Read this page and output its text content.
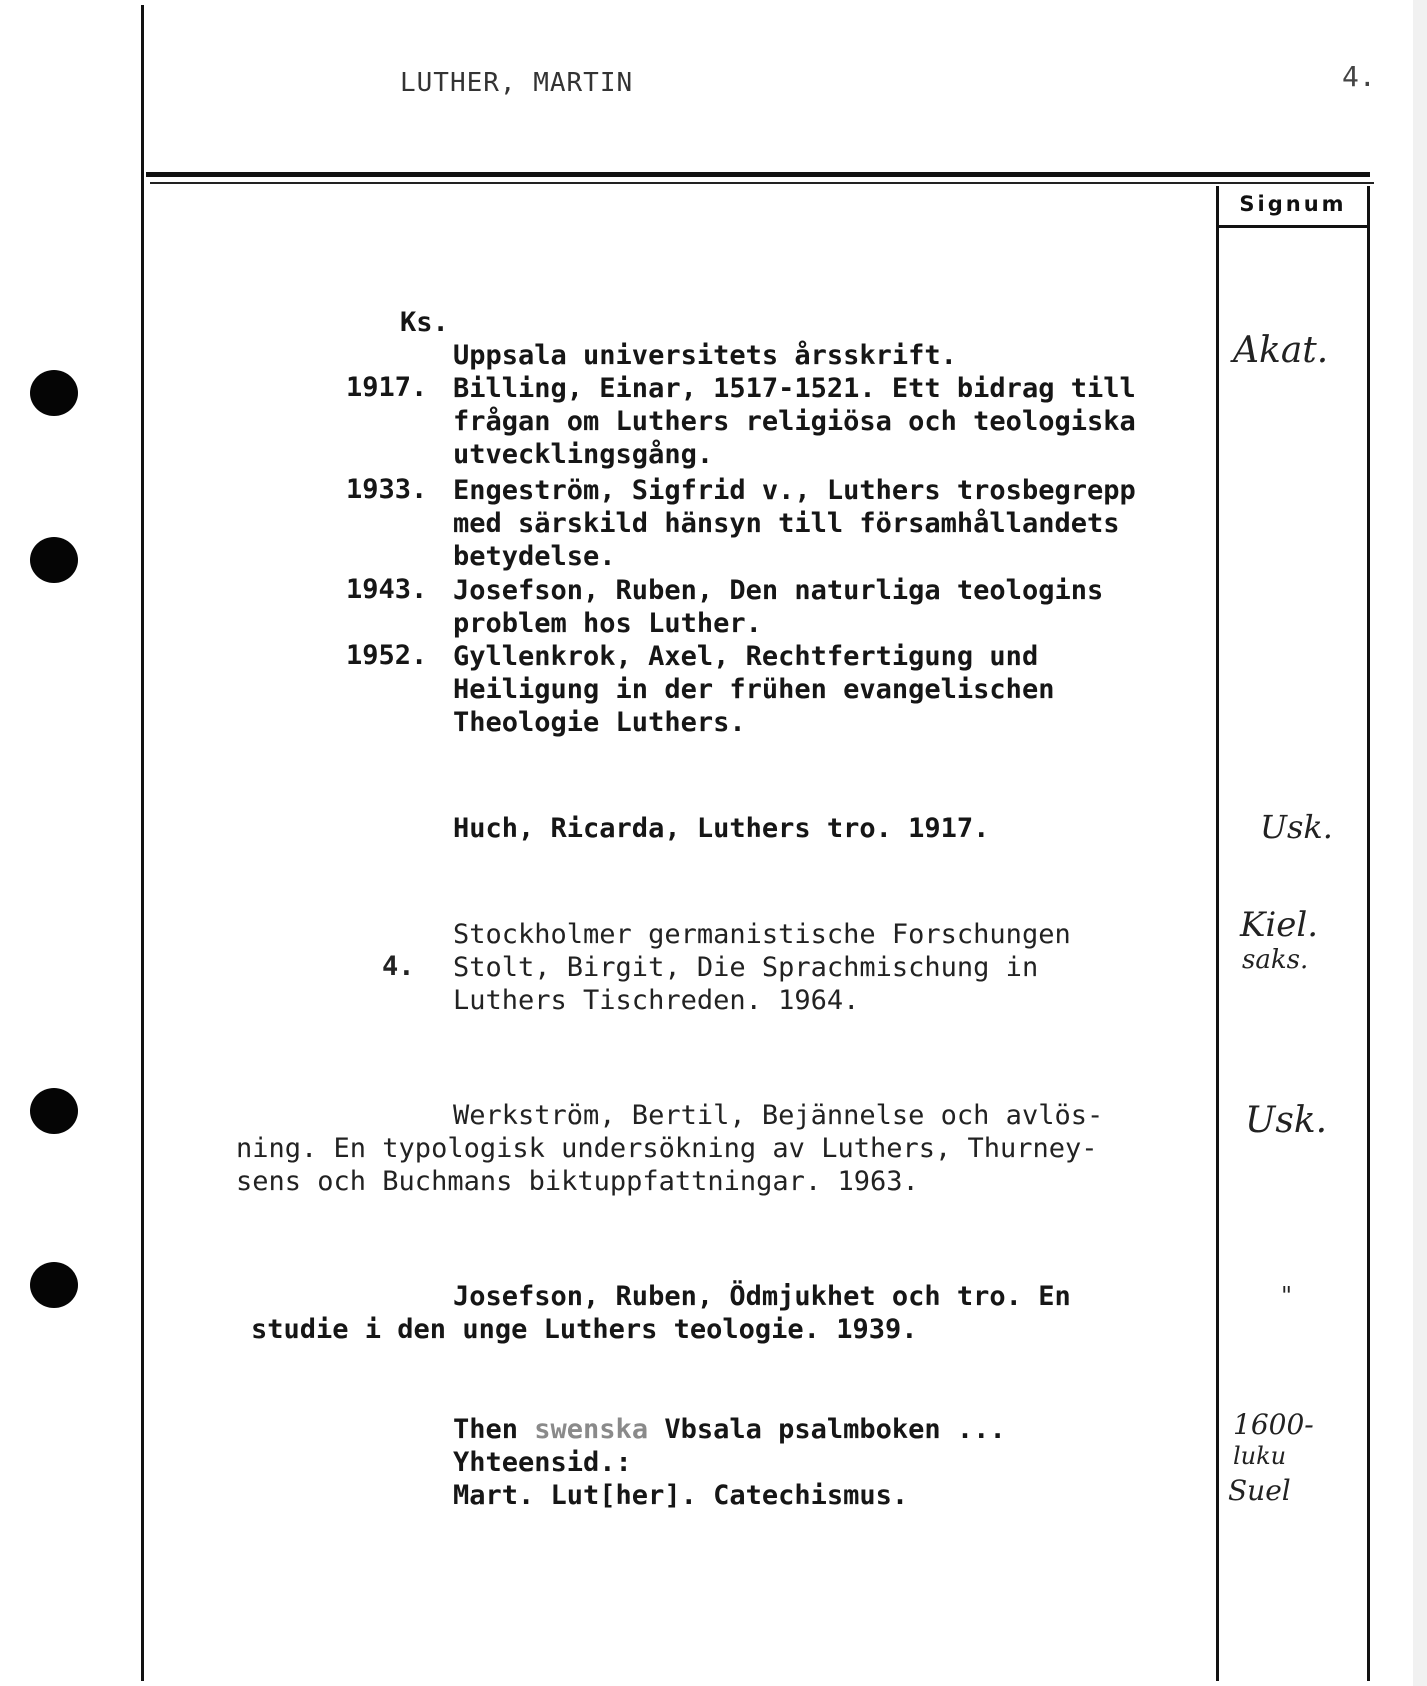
LUTHER, MARTIN	4.
Signum
Ks.
Uppsala universitets årsskrift.
1917. Billing, Einar, 1517-1521. Ett bidrag till
frågan om Luthers religiösa och teologiska
utvecklingsgång.
1933. Engeström, Sigfrid v., Luthers trosbegrepp
med särskild hänsyn till församhållandets
betydelse.
1943. Josefson, Ruben, Den naturliga teologins
problem hos Luther.
1952. Gyllenkrok, Axel, Rechtfertigung und
Heiligung in der frühen evangelischen
Theologie Luthers.
Akat.
Huch, Ricarda, Luthers tro. 1917.	Usk.
Stockholmer germanistische Forschungen
4. Stolt, Birgit, Die Sprachmischung in
Luthers Tischreden. 1964.
Kiel.
saks.
Werkström, Bertil, Bejännelse och avlös-
ning. En typologisk undersökning av Luthers, Thurney-
sens och Buchmans biktuppfattningar. 1963.
Usk.
Josefson, Ruben, Ödmjukhet och tro. En
studie i den unge Luthers teologie. 1939.
"
Then swenska Vbsala psalmboken ...
Yhteensid.:
Mart. Lut[her]. Catechismus.
1600-
luku
Suel
